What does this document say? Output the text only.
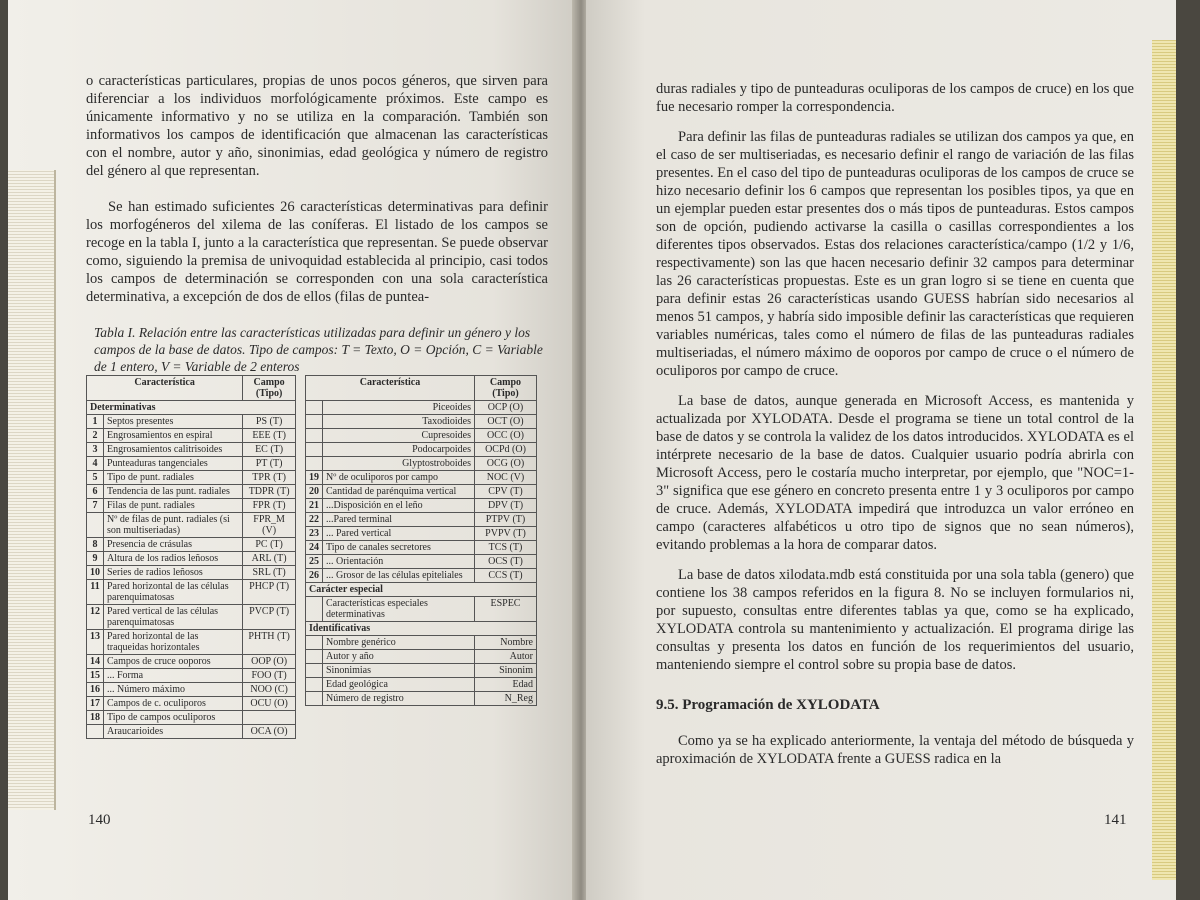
o características particulares, propias de unos pocos géneros, que sirven para diferenciar a los individuos morfológicamente próximos. Este campo es únicamente informativo y no se utiliza en la comparación. También son informativos los campos de identificación que almacenan las características con el nombre, autor y año, sinonimias, edad geológica y número de registro del género al que representan.

Se han estimado suficientes 26 características determinativas para definir los morfogéneros del xilema de las coníferas. El listado de los campos se recoge en la tabla I, junto a la característica que representan. Se puede observar como, siguiendo la premisa de univoquidad establecida al principio, casi todos los campos de determinación se corresponden con una sola característica determinativa, a excepción de dos de ellos (filas de puntea-

Tabla I. Relación entre las características utilizadas para definir un género y los campos de la base de datos. Tipo de campos: T = Texto, O = Opción, C = Variable de 1 entero, V = Variable de 2 enteros
Característica		Campo (Tipo)
Determinativas		
1	Septos presentes	PS (T)
2	Engrosamientos en espiral	EEE (T)
3	Engrosamientos calitrisoides	EC (T)
4	Punteaduras tangenciales	PT (T)
5	Tipo de punt. radiales	TPR (T)
6	Tendencia de las punt. radiales	TDPR (T)
7	Filas de punt. radiales	FPR (T)
	Nº de filas de punt. radiales (si son multiseriadas)	FPR_M (V)
8	Presencia de crásulas	PC (T)
9	Altura de los radios leñosos	ARL (T)
10	Series de radios leñosos	SRL (T)
11	Pared horizontal de las células parenquimatosas	PHCP (T)
12	Pared vertical de las células parenquimatosas	PVCP (T)
13	Pared horizontal de las traqueidas horizontales	PHTH (T)
14	Campos de cruce ooporos	OOP (O)
15	... Forma	FOO (T)
16	... Número máximo	NOO (C)
17	Campos de c. oculiporos	OCU (O)
18	Tipo de campos oculiporos	
	Araucarioides	OCA (O)
Característica		Campo (Tipo)
	Piceoides	OCP (O)
	Taxodioides	OCT (O)
	Cupresoides	OCC (O)
	Podocarpoides	OCPd (O)
	Glyptostroboides	OCG (O)
19	Nº de oculiporos por campo	NOC (V)
20	Cantidad de parénquima vertical	CPV (T)
21	...Disposición en el leño	DPV (T)
22	...Pared terminal	PTPV (T)
23	... Pared vertical	PVPV (T)
24	Tipo de canales secretores	TCS (T)
25	... Orientación	OCS (T)
26	... Grosor de las células epiteliales	CCS (T)
Carácter especial		
	Características especiales determinativas	ESPEC
Identificativas		
	Nombre genérico	Nombre
	Autor y año	Autor
	Sinonimias	Sinonim
	Edad geológica	Edad
	Número de registro	N_Reg
140

duras radiales y tipo de punteaduras oculiporas de los campos de cruce) en los que fue necesario romper la correspondencia.

Para definir las filas de punteaduras radiales se utilizan dos campos ya que, en el caso de ser multiseriadas, es necesario definir el rango de variación de las filas presentes. En el caso del tipo de punteaduras oculiporas de los campos de cruce se hizo necesario definir los 6 campos que representan los posibles tipos, ya que en un ejemplar pueden estar presentes dos o más tipos de punteaduras. Estos campos son de opción, pudiendo activarse la casilla o casillas correspondientes a los diferentes tipos observados. Estas dos relaciones característica/campo (1/2 y 1/6, respectivamente) son las que hacen necesario definir 32 campos para determinar las 26 características propuestas. Este es un gran logro si se tiene en cuenta que para definir estas 26 características usando GUESS habrían sido necesarios al menos 51 campos, y habría sido imposible definir las características que requieren variables numéricas, tales como el número de filas de las punteaduras radiales multiseriadas, el número máximo de ooporos por campo de cruce o el número de oculiporos por campo de cruce.

La base de datos, aunque generada en Microsoft Access, es mantenida y actualizada por XYLODATA. Desde el programa se tiene un total control de la base de datos y se controla la validez de los datos introducidos. XYLODATA es el intérprete necesario de la base de datos. Cualquier usuario podría abrirla con Microsoft Access, pero le costaría mucho interpretar, por ejemplo, que "NOC=1-3" significa que ese género en concreto presenta entre 1 y 3 oculiporos por campo de cruce. Además, XYLODATA impedirá que introduzca un valor erróneo en campo (caracteres alfabéticos u otro tipo de signos que no sean números), evitando problemas a la hora de comparar datos.

La base de datos xilodata.mdb está constituida por una sola tabla (genero) que contiene los 38 campos referidos en la figura 8. No se incluyen formularios ni, por supuesto, consultas entre diferentes tablas ya que, como se ha explicado, XYLODATA controla su mantenimiento y actualización. El programa dirige las consultas y presenta los datos en función de los requerimientos del usuario, manteniendo siempre el control sobre su propia base de datos.

9.5. Programación de XYLODATA

Como ya se ha explicado anteriormente, la ventaja del método de búsqueda y aproximación de XYLODATA frente a GUESS radica en la

141
